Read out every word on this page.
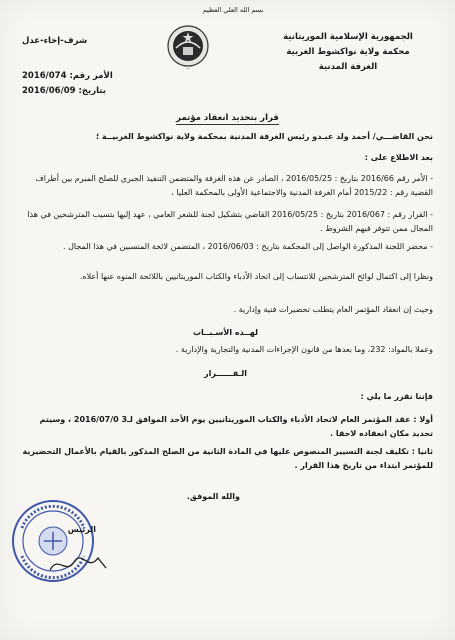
بسم الله العلي العظيم
الجمهورية الإسلامية الموريتانية
محكمة ولاية نواكشوط الغربية
الغرفة المدنية
—
شرف-إخاء-عدل
الأمر رقم: 2016/074
بتاريخ: 2016/06/09
قرار بتحديد انعقاد مؤتمر
نحن القاضـــي/ أحمد ولد عبـدو رئيس الغرفة المدنية بمحكمة ولاية نواكشوط الغربيــة ؛
بعد الاطلاع على :
- الأمر رقم 2016/66 بتاريخ : 2016/05/25 ، الصادر عن هذه الغرفة والمتضمن التنفيذ الجبري للصلح المبرم بين أطراف القضية رقم : 2015/22 أمام الغرفة المدنية والاجتماعية الأولى بالمحكمة العليا ،
- القرار رقم : 2016/067 بتاريخ : 2016/05/25 القاضي بتشكيل لجنة للشعر العامي ، عهد إليها بتسيب المترشحين في هذا المجال ممن تتوفر فيهم الشروط .
- محضر اللجنة المذكورة الواصل إلى المحكمة بتاريخ : 2016/06/03 ، المتضمن لائحة المنسبين في هذا المجال .
ونظرا إلى اكتمال لوائح المترشحين للانتساب إلى اتحاد الأدباء والكتاب الموريتانيين باللائحة المنوه عنها أعلاه.
وحيث إن انعقاد المؤتمر العام يتطلب تحضيرات فنية وإدارية .
لهــذه الأسـبــاب
وعملا بالمواد: 232، وما بعدها من قانون الإجراءات المدنية والتجارية والإدارية .
الـقــــــرار
فإننا نقرر ما يلي :
أولا : عقد المؤتمر العام لاتحاد الأدباء والكتاب الموريتانيين يوم الأحد الموافق لـ3 2016/07/0 ، وسيتم تحديد مكان انعقاده لاحقا .
ثانيا : تكليف لجنة التسيير المنصوص عليها في المادة الثانية من الصلح المذكور بالقيام بالأعمال التحضيرية للمؤتمر ابتداء من تاريخ هذا القرار .
والله الموفق.
الرئيس
